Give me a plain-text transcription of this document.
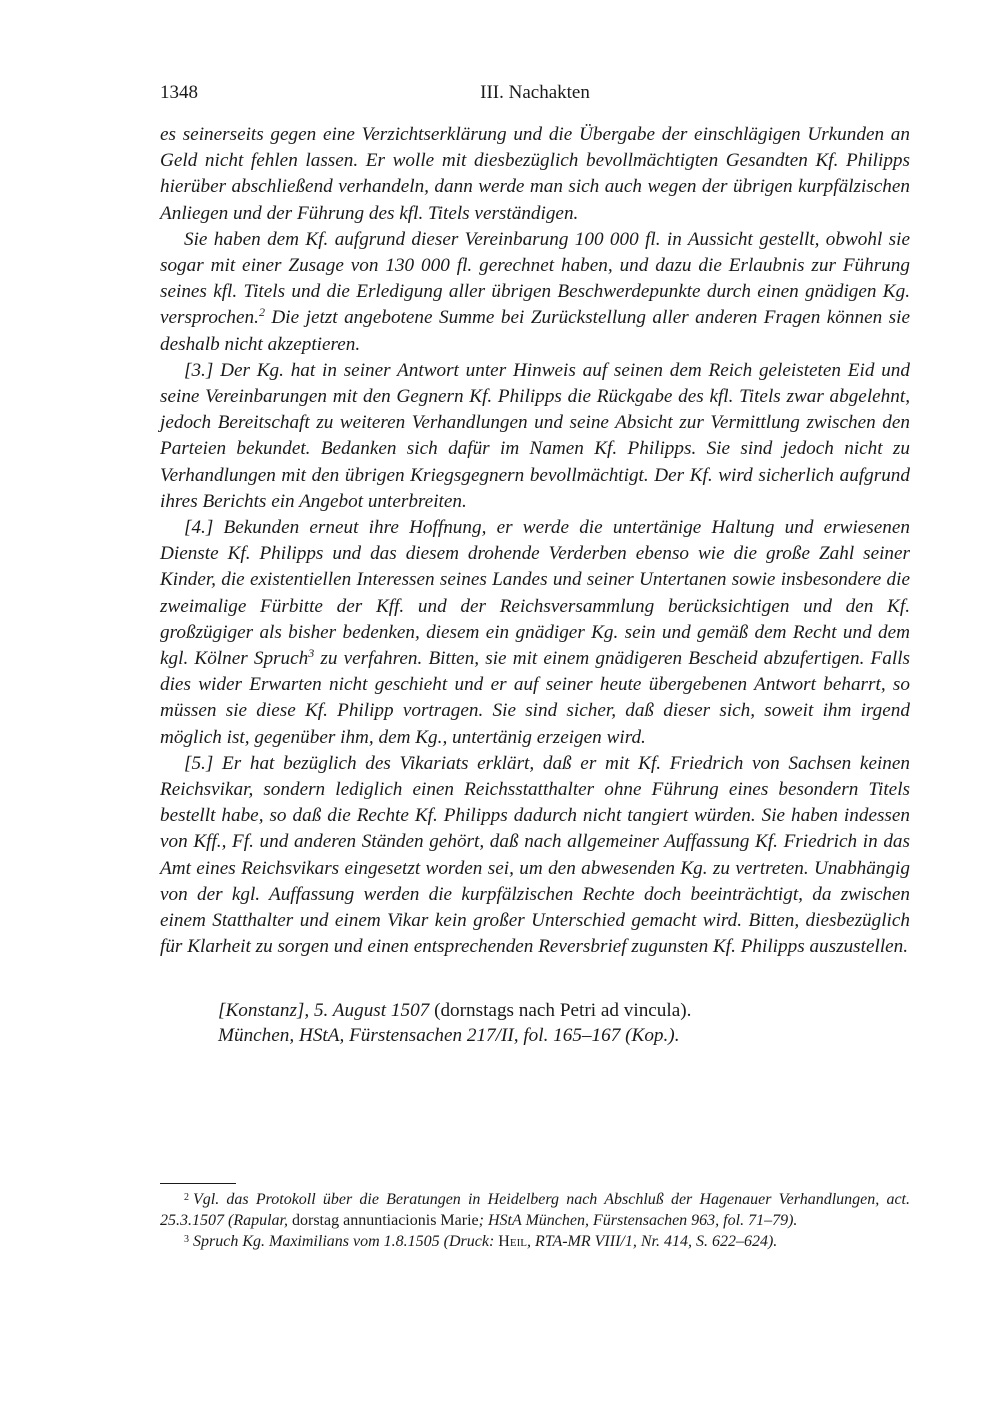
1348	III. Nachakten

es seinerseits gegen eine Verzichtserklärung und die Übergabe der einschlägigen Urkunden an Geld nicht fehlen lassen. Er wolle mit diesbezüglich bevollmächtigten Gesandten Kf. Philipps hierüber abschließend verhandeln, dann werde man sich auch wegen der übrigen kurpfälzischen Anliegen und der Führung des kfl. Titels verständigen.

Sie haben dem Kf. aufgrund dieser Vereinbarung 100 000 fl. in Aussicht gestellt, obwohl sie sogar mit einer Zusage von 130 000 fl. gerechnet haben, und dazu die Erlaubnis zur Führung seines kfl. Titels und die Erledigung aller übrigen Beschwerdepunkte durch einen gnädigen Kg. versprochen.$^2$ Die jetzt angebotene Summe bei Zurückstellung aller anderen Fragen können sie deshalb nicht akzeptieren.

[3.] Der Kg. hat in seiner Antwort unter Hinweis auf seinen dem Reich geleisteten Eid und seine Vereinbarungen mit den Gegnern Kf. Philipps die Rückgabe des kfl. Titels zwar abgelehnt, jedoch Bereitschaft zu weiteren Verhandlungen und seine Absicht zur Vermittlung zwischen den Parteien bekundet. Bedanken sich dafür im Namen Kf. Philipps. Sie sind jedoch nicht zu Verhandlungen mit den übrigen Kriegsgegnern bevollmächtigt. Der Kf. wird sicherlich aufgrund ihres Berichts ein Angebot unterbreiten.

[4.] Bekunden erneut ihre Hoffnung, er werde die untertänige Haltung und erwiesenen Dienste Kf. Philipps und das diesem drohende Verderben ebenso wie die große Zahl seiner Kinder, die existentiellen Interessen seines Landes und seiner Untertanen sowie insbesondere die zweimalige Fürbitte der Kff. und der Reichsversammlung berücksichtigen und den Kf. großzügiger als bisher bedenken, diesem ein gnädiger Kg. sein und gemäß dem Recht und dem kgl. Kölner Spruch$^3$ zu verfahren. Bitten, sie mit einem gnädigeren Bescheid abzufertigen. Falls dies wider Erwarten nicht geschieht und er auf seiner heute übergebenen Antwort beharrt, so müssen sie diese Kf. Philipp vortragen. Sie sind sicher, daß dieser sich, soweit ihm irgend möglich ist, gegenüber ihm, dem Kg., untertänig erzeigen wird.

[5.] Er hat bezüglich des Vikariats erklärt, daß er mit Kf. Friedrich von Sachsen keinen Reichsvikar, sondern lediglich einen Reichsstatthalter ohne Führung eines besondern Titels bestellt habe, so daß die Rechte Kf. Philipps dadurch nicht tangiert würden. Sie haben indessen von Kff., Ff. und anderen Ständen gehört, daß nach allgemeiner Auffassung Kf. Friedrich in das Amt eines Reichsvikars eingesetzt worden sei, um den abwesenden Kg. zu vertreten. Unabhängig von der kgl. Auffassung werden die kurpfälzischen Rechte doch beeinträchtigt, da zwischen einem Statthalter und einem Vikar kein großer Unterschied gemacht wird. Bitten, diesbezüglich für Klarheit zu sorgen und einen entsprechenden Reversbrief zugunsten Kf. Philipps auszustellen.

[Konstanz], 5. August 1507 (dornstags nach Petri ad vincula).
München, HStA, Fürstensachen 217/II, fol. 165–167 (Kop.).

$^2$ Vgl. das Protokoll über die Beratungen in Heidelberg nach Abschluß der Hagenauer Verhandlungen, act. 25.3.1507 (Rapular, dorstag annuntiacionis Marie; HStA München, Fürstensachen 963, fol. 71–79).

$^3$ Spruch Kg. Maximilians vom 1.8.1505 (Druck: Heil, RTA-MR VIII/1, Nr. 414, S. 622–624).
